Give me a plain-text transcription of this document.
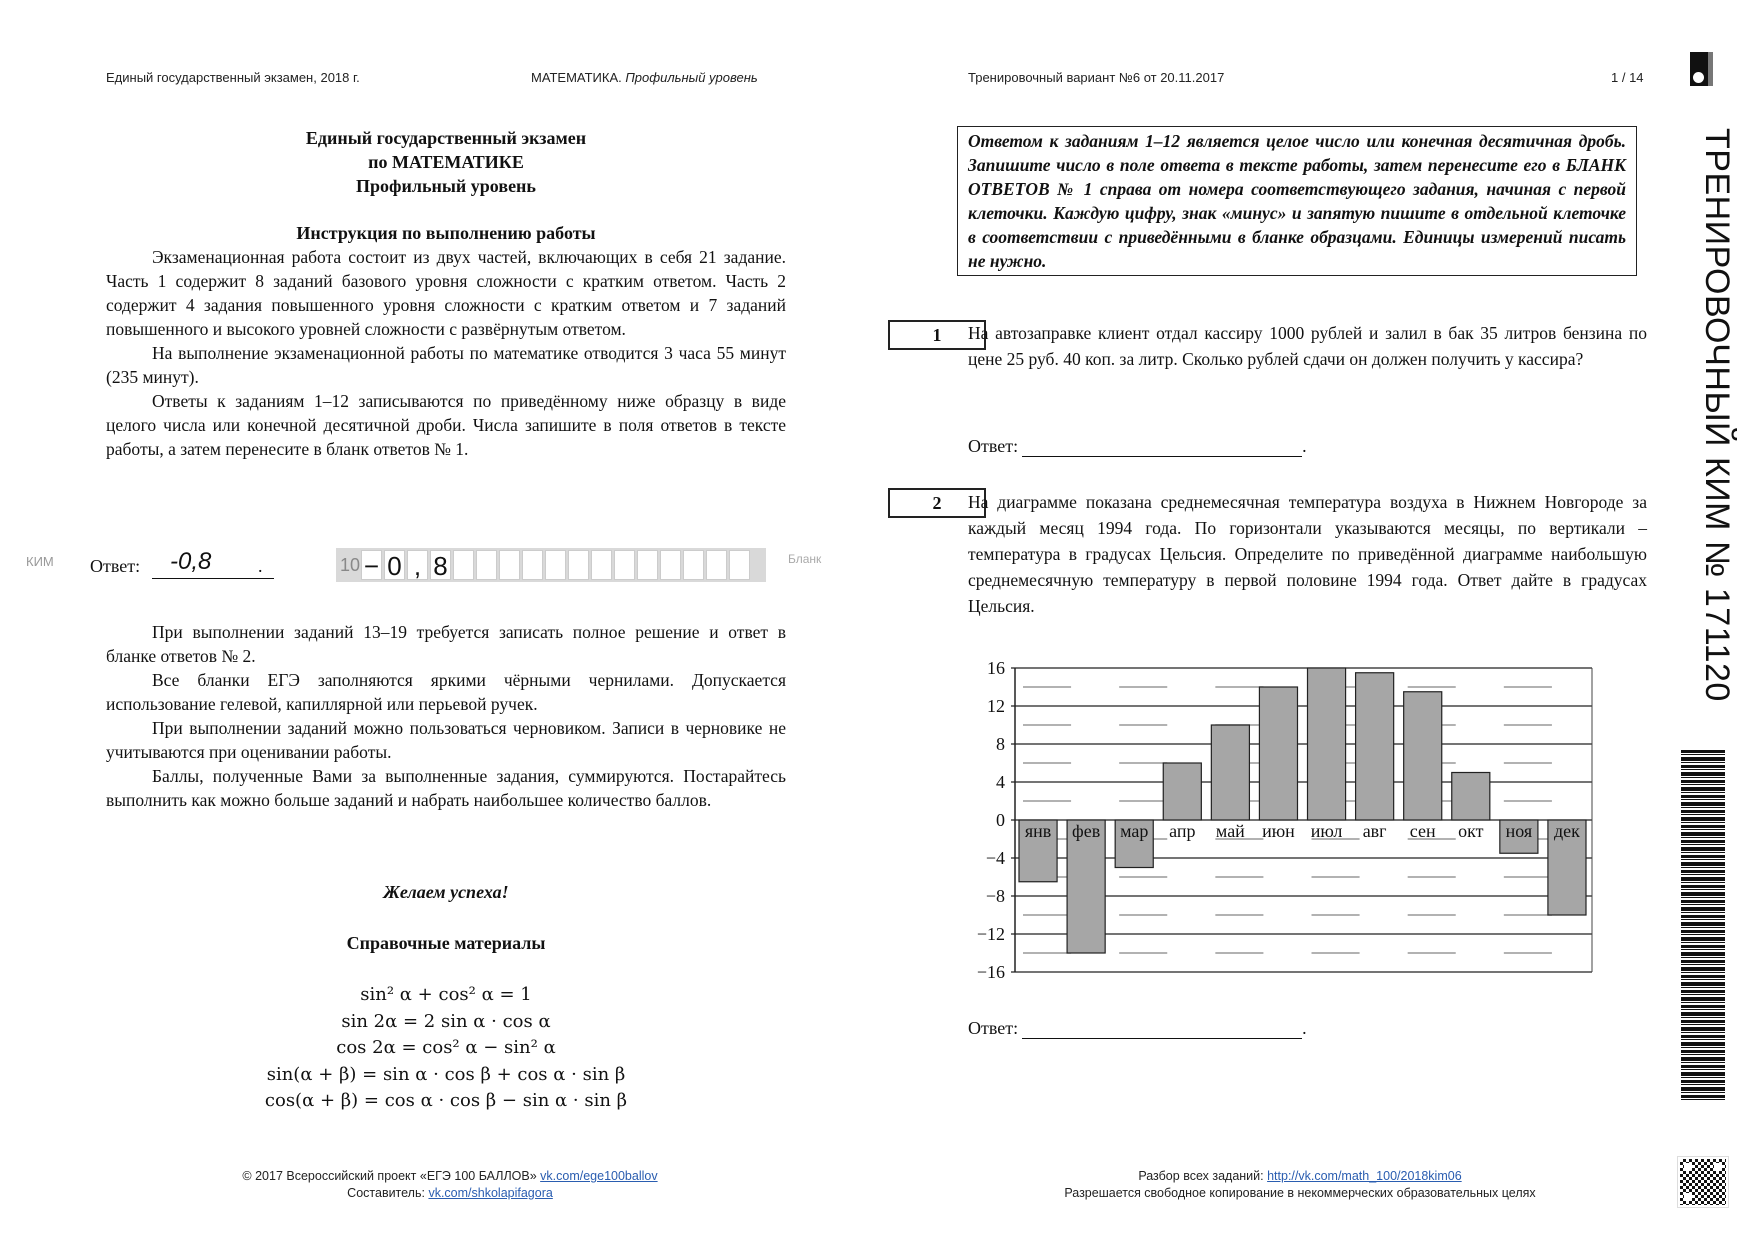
Единый государственный экзамен, 2018 г.	МАТЕМАТИКА. Профильный уровень	Тренировочный вариант №6 от 20.11.2017	1 / 14
Единый государственный экзамен
по МАТЕМАТИКЕ
Профильный уровень
Инструкция по выполнению работы

Экзаменационная работа состоит из двух частей, включающих в себя 21 задание. Часть 1 содержит 8 заданий базового уровня сложности с кратким ответом. Часть 2 содержит 4 задания повышенного уровня сложности с кратким ответом и 7 заданий повышенного и высокого уровней сложности с развёрнутым ответом.

На выполнение экзаменационной работы по математике отводится 3 часа 55 минут (235 минут).

Ответы к заданиям 1–12 записываются по приведённому ниже образцу в виде целого числа или конечной десятичной дроби. Числа запишите в поля ответов в тексте работы, а затем перенесите в бланк ответов № 1.

КИМ Ответ:	-0,8	.	10 − 0 , 8	Бланк

При выполнении заданий 13–19 требуется записать полное решение и ответ в бланке ответов № 2.

Все бланки ЕГЭ заполняются яркими чёрными чернилами. Допускается использование гелевой, капиллярной или перьевой ручек.

При выполнении заданий можно пользоваться черновиком. Записи в черновике не учитываются при оценивании работы.

Баллы, полученные Вами за выполненные задания, суммируются. Постарайтесь выполнить как можно больше заданий и набрать наибольшее количество баллов.

Желаем успеха!
Справочные материалы
sin² α + cos² α = 1
sin 2α = 2 sin α · cos α
cos 2α = cos² α − sin² α
sin(α + β) = sin α · cos β + cos α · sin β
cos(α + β) = cos α · cos β − sin α · sin β
© 2017 Всероссийский проект «ЕГЭ 100 БАЛЛОВ» vk.com/ege100ballov
Составитель: vk.com/shkolapifagora
Разбор всех заданий: http://vk.com/math_100/2018kim06
Разрешается свободное копирование в некоммерческих образовательных целях
Ответом к заданиям 1–12 является целое число или конечная десятичная дробь. Запишите число в поле ответа в тексте работы, затем перенесите его в БЛАНК ОТВЕТОВ № 1 справа от номера соответствующего задания, начиная с первой клеточки. Каждую цифру, знак «минус» и запятую пишите в отдельной клеточке в соответствии с приведёнными в бланке образцами. Единицы измерений писать не нужно.
1	На автозаправке клиент отдал кассиру 1000 рублей и залил в бак 35 литров бензина по цене 25 руб. 40 коп. за литр. Сколько рублей сдачи он должен получить у кассира?
Ответ:	.
2	На диаграмме показана среднемесячная температура воздуха в Нижнем Новгороде за каждый месяц 1994 года. По горизонтали указываются месяцы, по вертикали – температура в градусах Цельсия. Определите по приведённой диаграмме наибольшую среднемесячную температуру в первой половине 1994 года. Ответ дайте в градусах Цельсия.
16
12
8
4
0
−4
−8
−12
−16
янв фев мар апр май июн июл авг сен окт ноя дек
Ответ:	.
ТРЕНИРОВОЧНЫЙ КИМ № 171120
